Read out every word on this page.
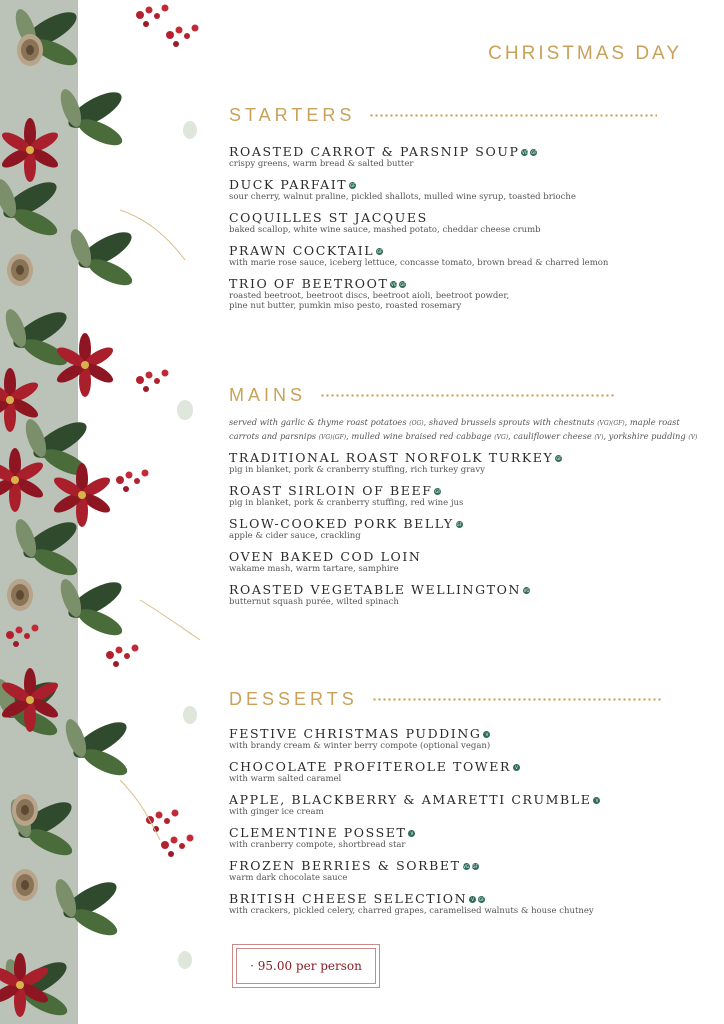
CHRISTMAS DAY
STARTERS
ROASTED CARROT & PARSNIP SOUP VG GF
crispy greens, warm bread & salted butter
DUCK PARFAIT GF
sour cherry, walnut praline, pickled shallots, mulled wine syrup, toasted brioche
COQUILLES ST JACQUES
baked scallop, white wine sauce, mashed potato, cheddar cheese crumb
PRAWN COCKTAIL GF
with marie rose sauce, iceberg lettuce, concasse tomato, brown bread & charred lemon
TRIO OF BEETROOT VG GF
roasted beetroot, beetroot discs, beetroot aioli, beetroot powder,
pine nut butter, pumkin miso pesto, roasted rosemary
MAINS
served with garlic & thyme roast potatoes (OG), shaved brussels sprouts with chestnuts (VG)(GF), maple roast
carrots and parsnips (VG)(GF), mulled wine braised red cabbage (VG), cauliflower cheese (V), yorkshire pudding (V)
TRADITIONAL ROAST NORFOLK TURKEY GF
pig in blanket, pork & cranberry stuffing, rich turkey gravy
ROAST SIRLOIN OF BEEF GF
pig in blanket, pork & cranberry stuffing, red wine jus
SLOW-COOKED PORK BELLY GF
apple & cider sauce, crackling
OVEN BAKED COD LOIN
wakame mash, warm tartare, samphire
ROASTED VEGETABLE WELLINGTON VG
butternut squash purée, wilted spinach
DESSERTS
FESTIVE CHRISTMAS PUDDING V
with brandy cream & winter berry compote (optional vegan)
CHOCOLATE PROFITEROLE TOWER V
with warm salted caramel
APPLE, BLACKBERRY & AMARETTI CRUMBLE V
with ginger ice cream
CLEMENTINE POSSET V
with cranberry compote, shortbread star
FROZEN BERRIES & SORBET VG GF
warm dark chocolate sauce
BRITISH CHEESE SELECTION V GF
with crackers, pickled celery, charred grapes, caramelised walnuts & house chutney
· 95.00 per person
